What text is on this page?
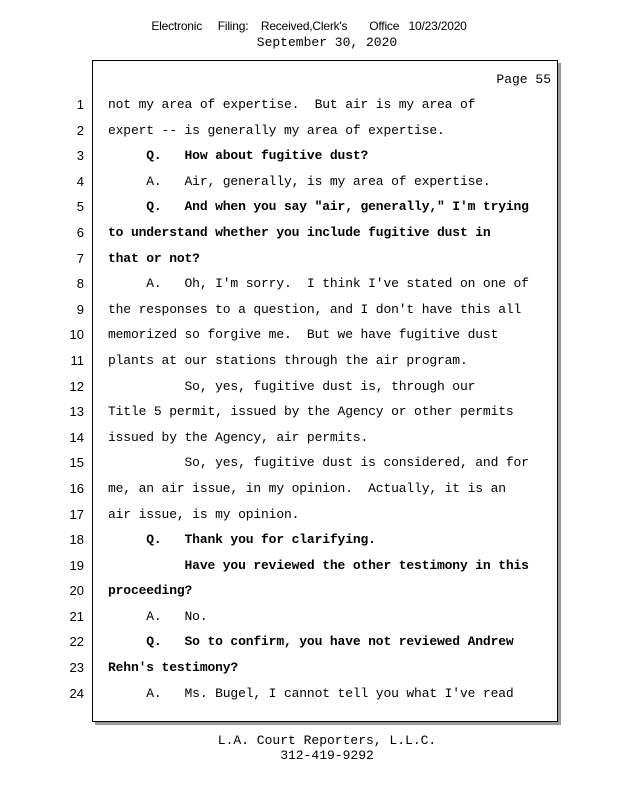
Electronic     Filing:    Received,Clerk's       Office   10/23/2020
September 30, 2020
Page 55
1
2
3
4
5
6
7
8
9
10
11
12
13
14
15
16
17
18
19
20
21
22
23
24
not my area of expertise.  But air is my area of
expert -- is generally my area of expertise.
Q.   How about fugitive dust?
A.   Air, generally, is my area of expertise.
Q.   And when you say "air, generally," I'm trying
to understand whether you include fugitive dust in
that or not?
A.   Oh, I'm sorry.  I think I've stated on one of
the responses to a question, and I don't have this all
memorized so forgive me.  But we have fugitive dust
plants at our stations through the air program.
So, yes, fugitive dust is, through our
Title 5 permit, issued by the Agency or other permits
issued by the Agency, air permits.
So, yes, fugitive dust is considered, and for
me, an air issue, in my opinion.  Actually, it is an
air issue, is my opinion.
Q.   Thank you for clarifying.
Have you reviewed the other testimony in this
proceeding?
A.   No.
Q.   So to confirm, you have not reviewed Andrew
Rehn's testimony?
A.   Ms. Bugel, I cannot tell you what I've read
L.A. Court Reporters, L.L.C.
312-419-9292
